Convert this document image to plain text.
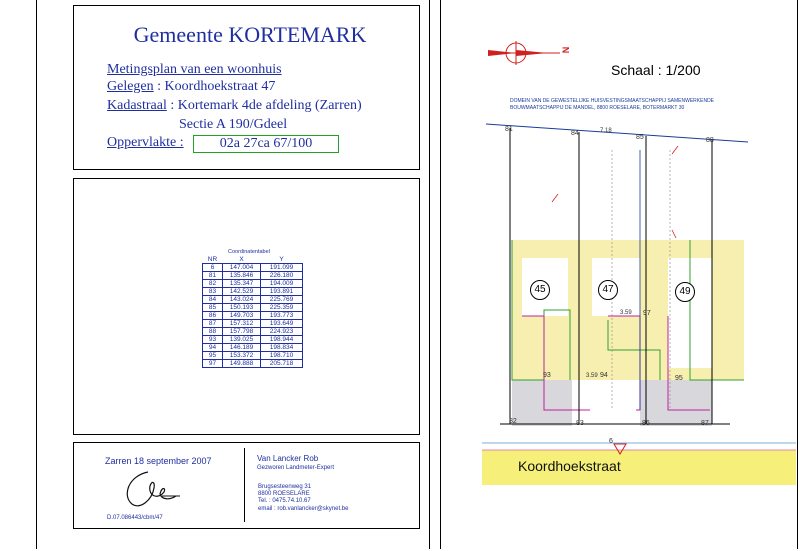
Gemeente KORTEMARK
Metingsplan van een woonhuis
Gelegen : Koordhoekstraat 47
Kadastraal : Kortemark 4de afdeling (Zarren)
Sectie A 190/Gdeel
Oppervlakte :	02a 27ca 67/100
Coordinatentabel
NR	X	Y
6	147.004	191.099
81	135.846	226.180
82	135.347	194.009
83	142.529	193.891
84	143.024	225.769
85	150.193	225.359
86	149.703	193.773
87	157.312	193.649
88	157.798	224.923
93	139.025	198.944
94	146.189	198.834
95	153.372	198.710
97	149.888	205.718
Zarren 18 september 2007
D.07.086443/cbm/47
Van Lancker Rob
Gezworen Landmeter-Expert
Brugsesteenweg 31
8800 ROESELARE
Tel. : 0475.74.10.67
email : rob.vanlancker@skynet.be
N
Schaal : 1/200
DOMEIN VAN DE GEWESTELIJKE HUISVESTINGSMAATSCHAPPIJ SAMENWERKENDE
BOUWMAATSCHAPPIJ DE MANDEL, 8800 ROESELARE, BOTERMARKT 30
45	47	49
81
84
85	88
93	94	95
97
82	83	86	87
6
7.18
3.59
3.59
Koordhoekstraat
